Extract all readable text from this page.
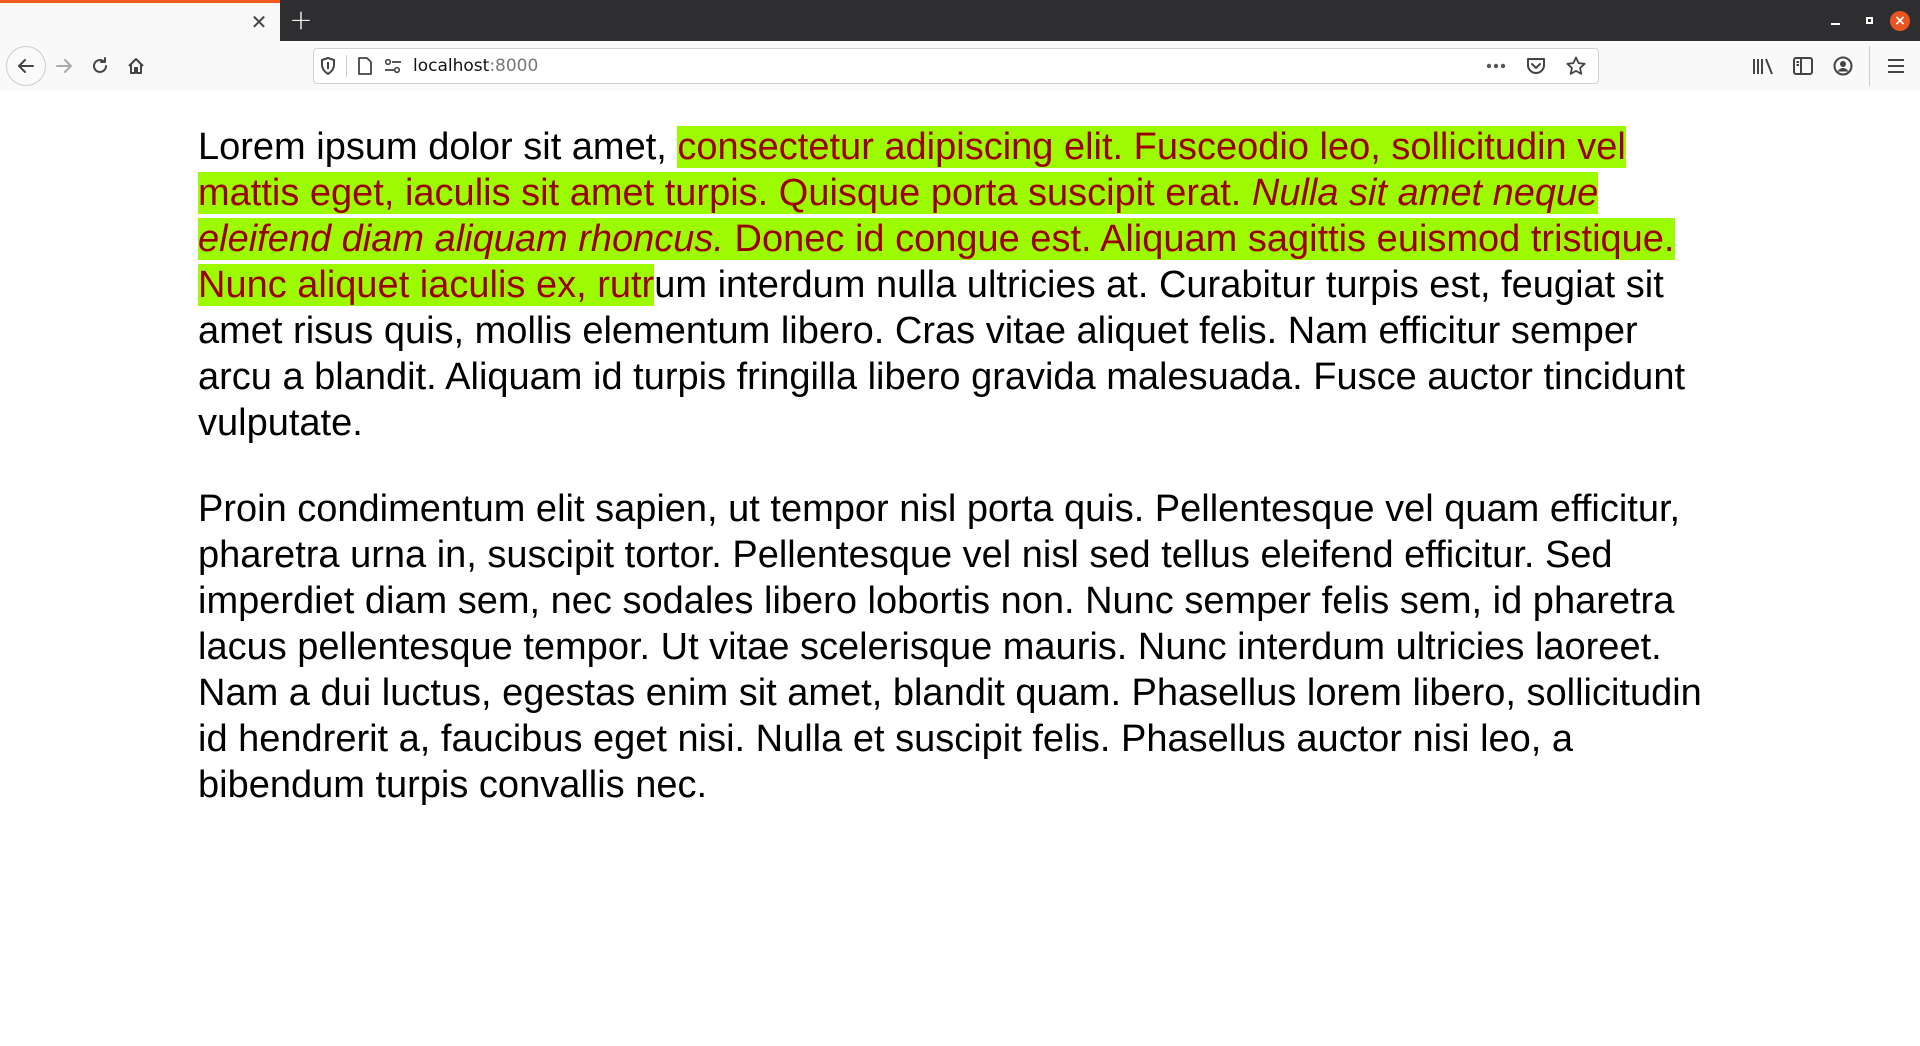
✕ +	×
localhost:8000

Lorem ipsum dolor sit amet, consectetur adipiscing elit. Fusceodio leo, sollicitudin vel mattis eget, iaculis sit amet turpis. Quisque porta suscipit erat. Nulla sit amet neque eleifend diam aliquam rhoncus. Donec id congue est. Aliquam sagittis euismod tristique. Nunc aliquet iaculis ex, rutrum interdum nulla ultricies at. Curabitur turpis est, feugiat sit amet risus quis, mollis elementum libero. Cras vitae aliquet felis. Nam efficitur semper arcu a blandit. Aliquam id turpis fringilla libero gravida malesuada. Fusce auctor tincidunt vulputate.

Proin condimentum elit sapien, ut tempor nisl porta quis. Pellentesque vel quam efficitur, pharetra urna in, suscipit tortor. Pellentesque vel nisl sed tellus eleifend efficitur. Sed imperdiet diam sem, nec sodales libero lobortis non. Nunc semper felis sem, id pharetra lacus pellentesque tempor. Ut vitae scelerisque mauris. Nunc interdum ultricies laoreet. Nam a dui luctus, egestas enim sit amet, blandit quam. Phasellus lorem libero, sollicitudin id hendrerit a, faucibus eget nisi. Nulla et suscipit felis. Phasellus auctor nisi leo, a bibendum turpis convallis nec.
